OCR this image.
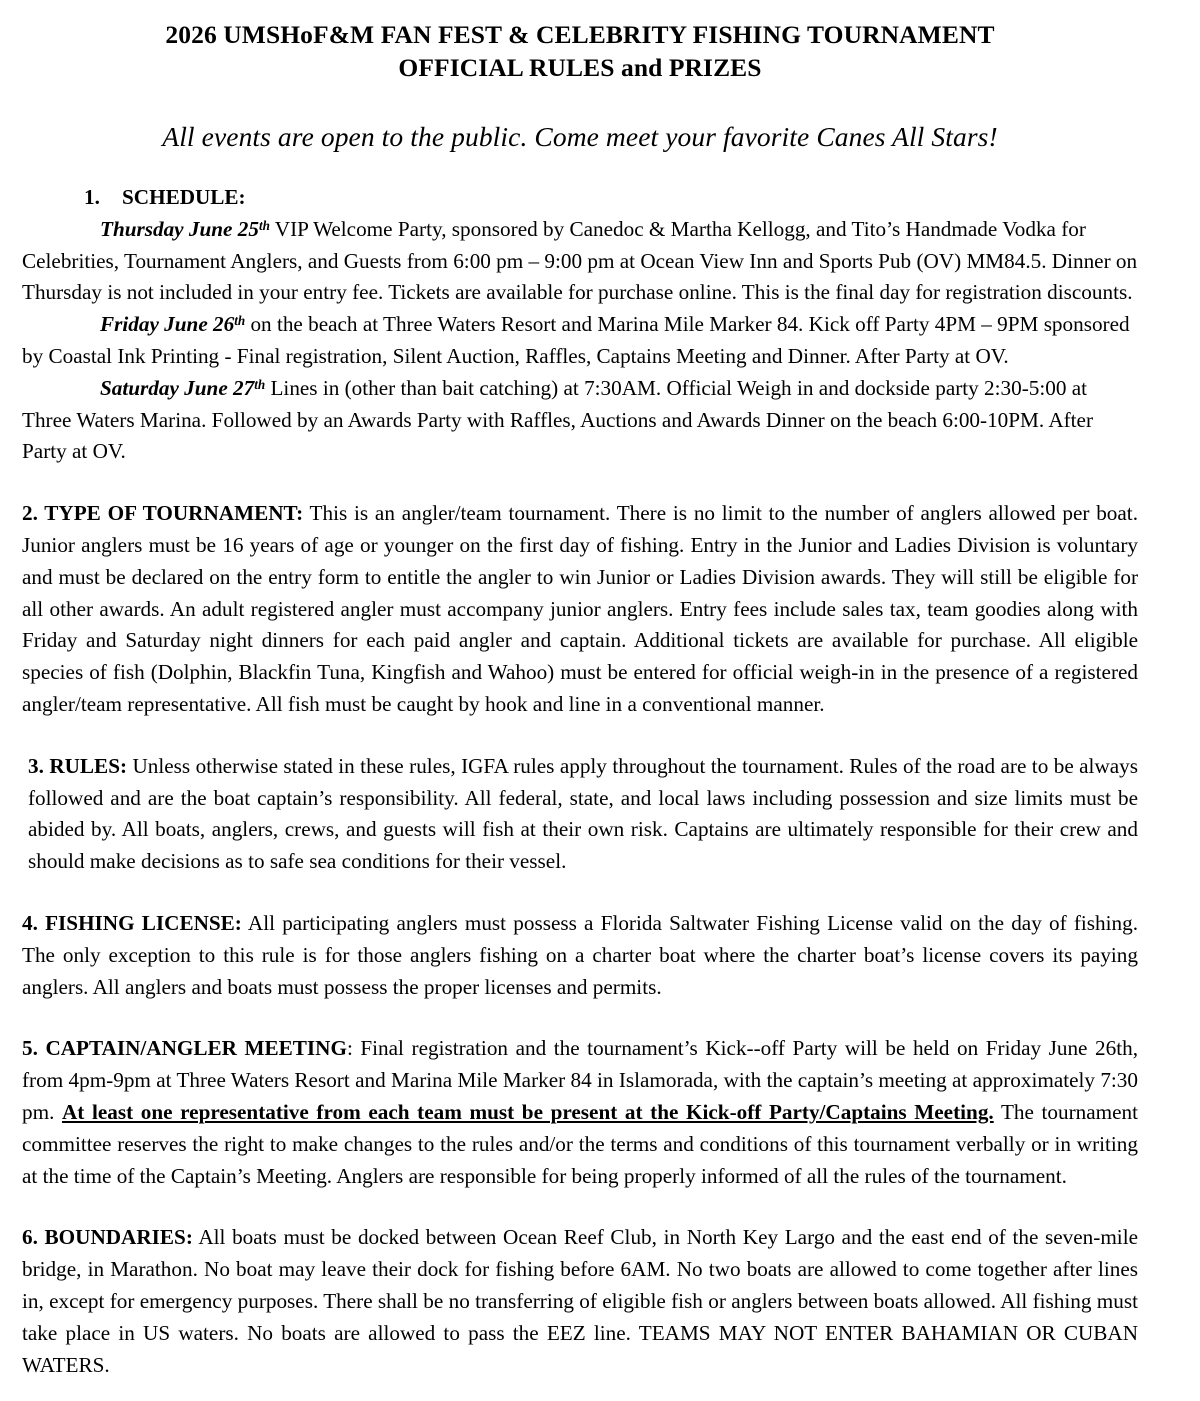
2026 UMSHoF&M FAN FEST & CELEBRITY FISHING TOURNAMENT
OFFICIAL RULES and PRIZES

All events are open to the public. Come meet your favorite Canes All Stars!

1. SCHEDULE:

Thursday June 25th VIP Welcome Party, sponsored by Canedoc & Martha Kellogg, and Tito’s Handmade Vodka for Celebrities, Tournament Anglers, and Guests from 6:00 pm – 9:00 pm at Ocean View Inn and Sports Pub (OV) MM84.5. Dinner on Thursday is not included in your entry fee. Tickets are available for purchase online. This is the final day for registration discounts.

Friday June 26th on the beach at Three Waters Resort and Marina Mile Marker 84. Kick off Party 4PM – 9PM sponsored by Coastal Ink Printing - Final registration, Silent Auction, Raffles, Captains Meeting and Dinner. After Party at OV.

Saturday June 27th Lines in (other than bait catching) at 7:30AM. Official Weigh in and dockside party 2:30-5:00 at Three Waters Marina. Followed by an Awards Party with Raffles, Auctions and Awards Dinner on the beach 6:00-10PM. After Party at OV.

2. TYPE OF TOURNAMENT: This is an angler/team tournament. There is no limit to the number of anglers allowed per boat. Junior anglers must be 16 years of age or younger on the first day of fishing. Entry in the Junior and Ladies Division is voluntary and must be declared on the entry form to entitle the angler to win Junior or Ladies Division awards. They will still be eligible for all other awards. An adult registered angler must accompany junior anglers. Entry fees include sales tax, team goodies along with Friday and Saturday night dinners for each paid angler and captain. Additional tickets are available for purchase. All eligible species of fish (Dolphin, Blackfin Tuna, Kingfish and Wahoo) must be entered for official weigh-in in the presence of a registered angler/team representative. All fish must be caught by hook and line in a conventional manner.

3. RULES: Unless otherwise stated in these rules, IGFA rules apply throughout the tournament. Rules of the road are to be always followed and are the boat captain’s responsibility. All federal, state, and local laws including possession and size limits must be abided by. All boats, anglers, crews, and guests will fish at their own risk. Captains are ultimately responsible for their crew and should make decisions as to safe sea conditions for their vessel.

4. FISHING LICENSE: All participating anglers must possess a Florida Saltwater Fishing License valid on the day of fishing. The only exception to this rule is for those anglers fishing on a charter boat where the charter boat’s license covers its paying anglers. All anglers and boats must possess the proper licenses and permits.

5. CAPTAIN/ANGLER MEETING: Final registration and the tournament’s Kick--off Party will be held on Friday June 26th, from 4pm-9pm at Three Waters Resort and Marina Mile Marker 84 in Islamorada, with the captain’s meeting at approximately 7:30 pm. At least one representative from each team must be present at the Kick-off Party/Captains Meeting. The tournament committee reserves the right to make changes to the rules and/or the terms and conditions of this tournament verbally or in writing at the time of the Captain’s Meeting. Anglers are responsible for being properly informed of all the rules of the tournament.

6. BOUNDARIES: All boats must be docked between Ocean Reef Club, in North Key Largo and the east end of the seven-mile bridge, in Marathon. No boat may leave their dock for fishing before 6AM. No two boats are allowed to come together after lines in, except for emergency purposes. There shall be no transferring of eligible fish or anglers between boats allowed. All fishing must take place in US waters. No boats are allowed to pass the EEZ line. TEAMS MAY NOT ENTER BAHAMIAN OR CUBAN WATERS.
